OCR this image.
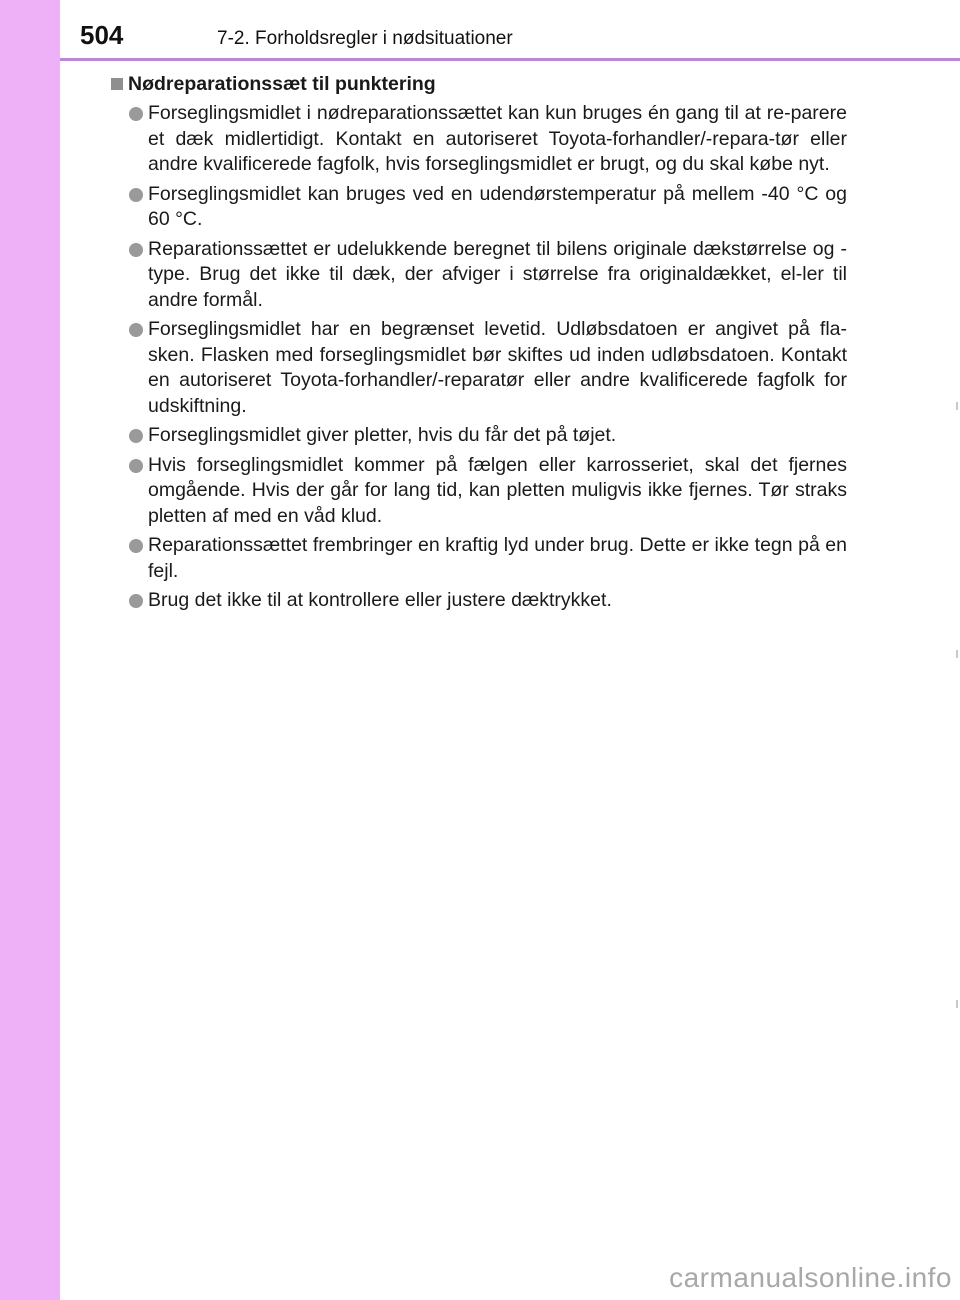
504	7-2. Forholdsregler i nødsituationer
Nødreparationssæt til punktering
Forseglingsmidlet i nødreparationssættet kan kun bruges én gang til at re-parere et dæk midlertidigt. Kontakt en autoriseret Toyota-forhandler/-repara-tør eller andre kvalificerede fagfolk, hvis forseglingsmidlet er brugt, og du skal købe nyt.
Forseglingsmidlet kan bruges ved en udendørstemperatur på mellem -40 °C og 60 °C.
Reparationssættet er udelukkende beregnet til bilens originale dækstørrelse og -type. Brug det ikke til dæk, der afviger i størrelse fra originaldækket, el-ler til andre formål.
Forseglingsmidlet har en begrænset levetid. Udløbsdatoen er angivet på fla-sken. Flasken med forseglingsmidlet bør skiftes ud inden udløbsdatoen. Kontakt en autoriseret Toyota-forhandler/-reparatør eller andre kvalificerede fagfolk for udskiftning.
Forseglingsmidlet giver pletter, hvis du får det på tøjet.
Hvis forseglingsmidlet kommer på fælgen eller karrosseriet, skal det fjernes omgående. Hvis der går for lang tid, kan pletten muligvis ikke fjernes. Tør straks pletten af med en våd klud.
Reparationssættet frembringer en kraftig lyd under brug. Dette er ikke tegn på en fejl.
Brug det ikke til at kontrollere eller justere dæktrykket.
carmanualsonline.info
